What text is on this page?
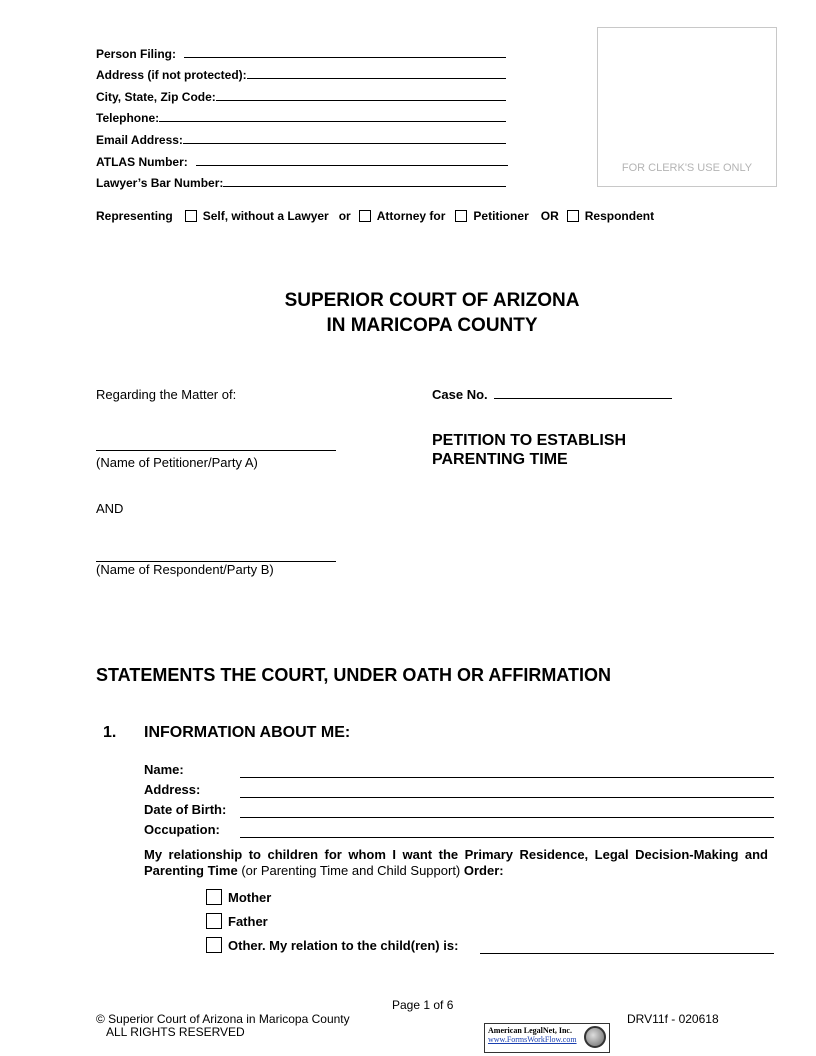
Person Filing:
Address (if not protected):
City, State, Zip Code:
Telephone:
Email Address:
ATLAS Number:
Lawyer’s Bar Number:
FOR CLERK'S USE ONLY
Representing	Self, without a Lawyer or Attorney for Petitioner OR Respondent
SUPERIOR COURT OF ARIZONA
IN MARICOPA COUNTY
Regarding the Matter of:
(Name of Petitioner/Party A)
AND
(Name of Respondent/Party B)
Case No.
PETITION TO ESTABLISH
PARENTING TIME
STATEMENTS THE COURT, UNDER OATH OR AFFIRMATION
1. INFORMATION ABOUT ME:
Name:
Address:
Date of Birth:
Occupation:
My relationship to children for whom I want the Primary Residence, Legal Decision-Making and Parenting Time (or Parenting Time and Child Support) Order:
Mother
Father
Other. My relation to the child(ren) is:
Page 1 of 6
© Superior Court of Arizona in Maricopa County
ALL RIGHTS RESERVED
DRV11f - 020618
American LegalNet, Inc.
www.FormsWorkFlow.com
